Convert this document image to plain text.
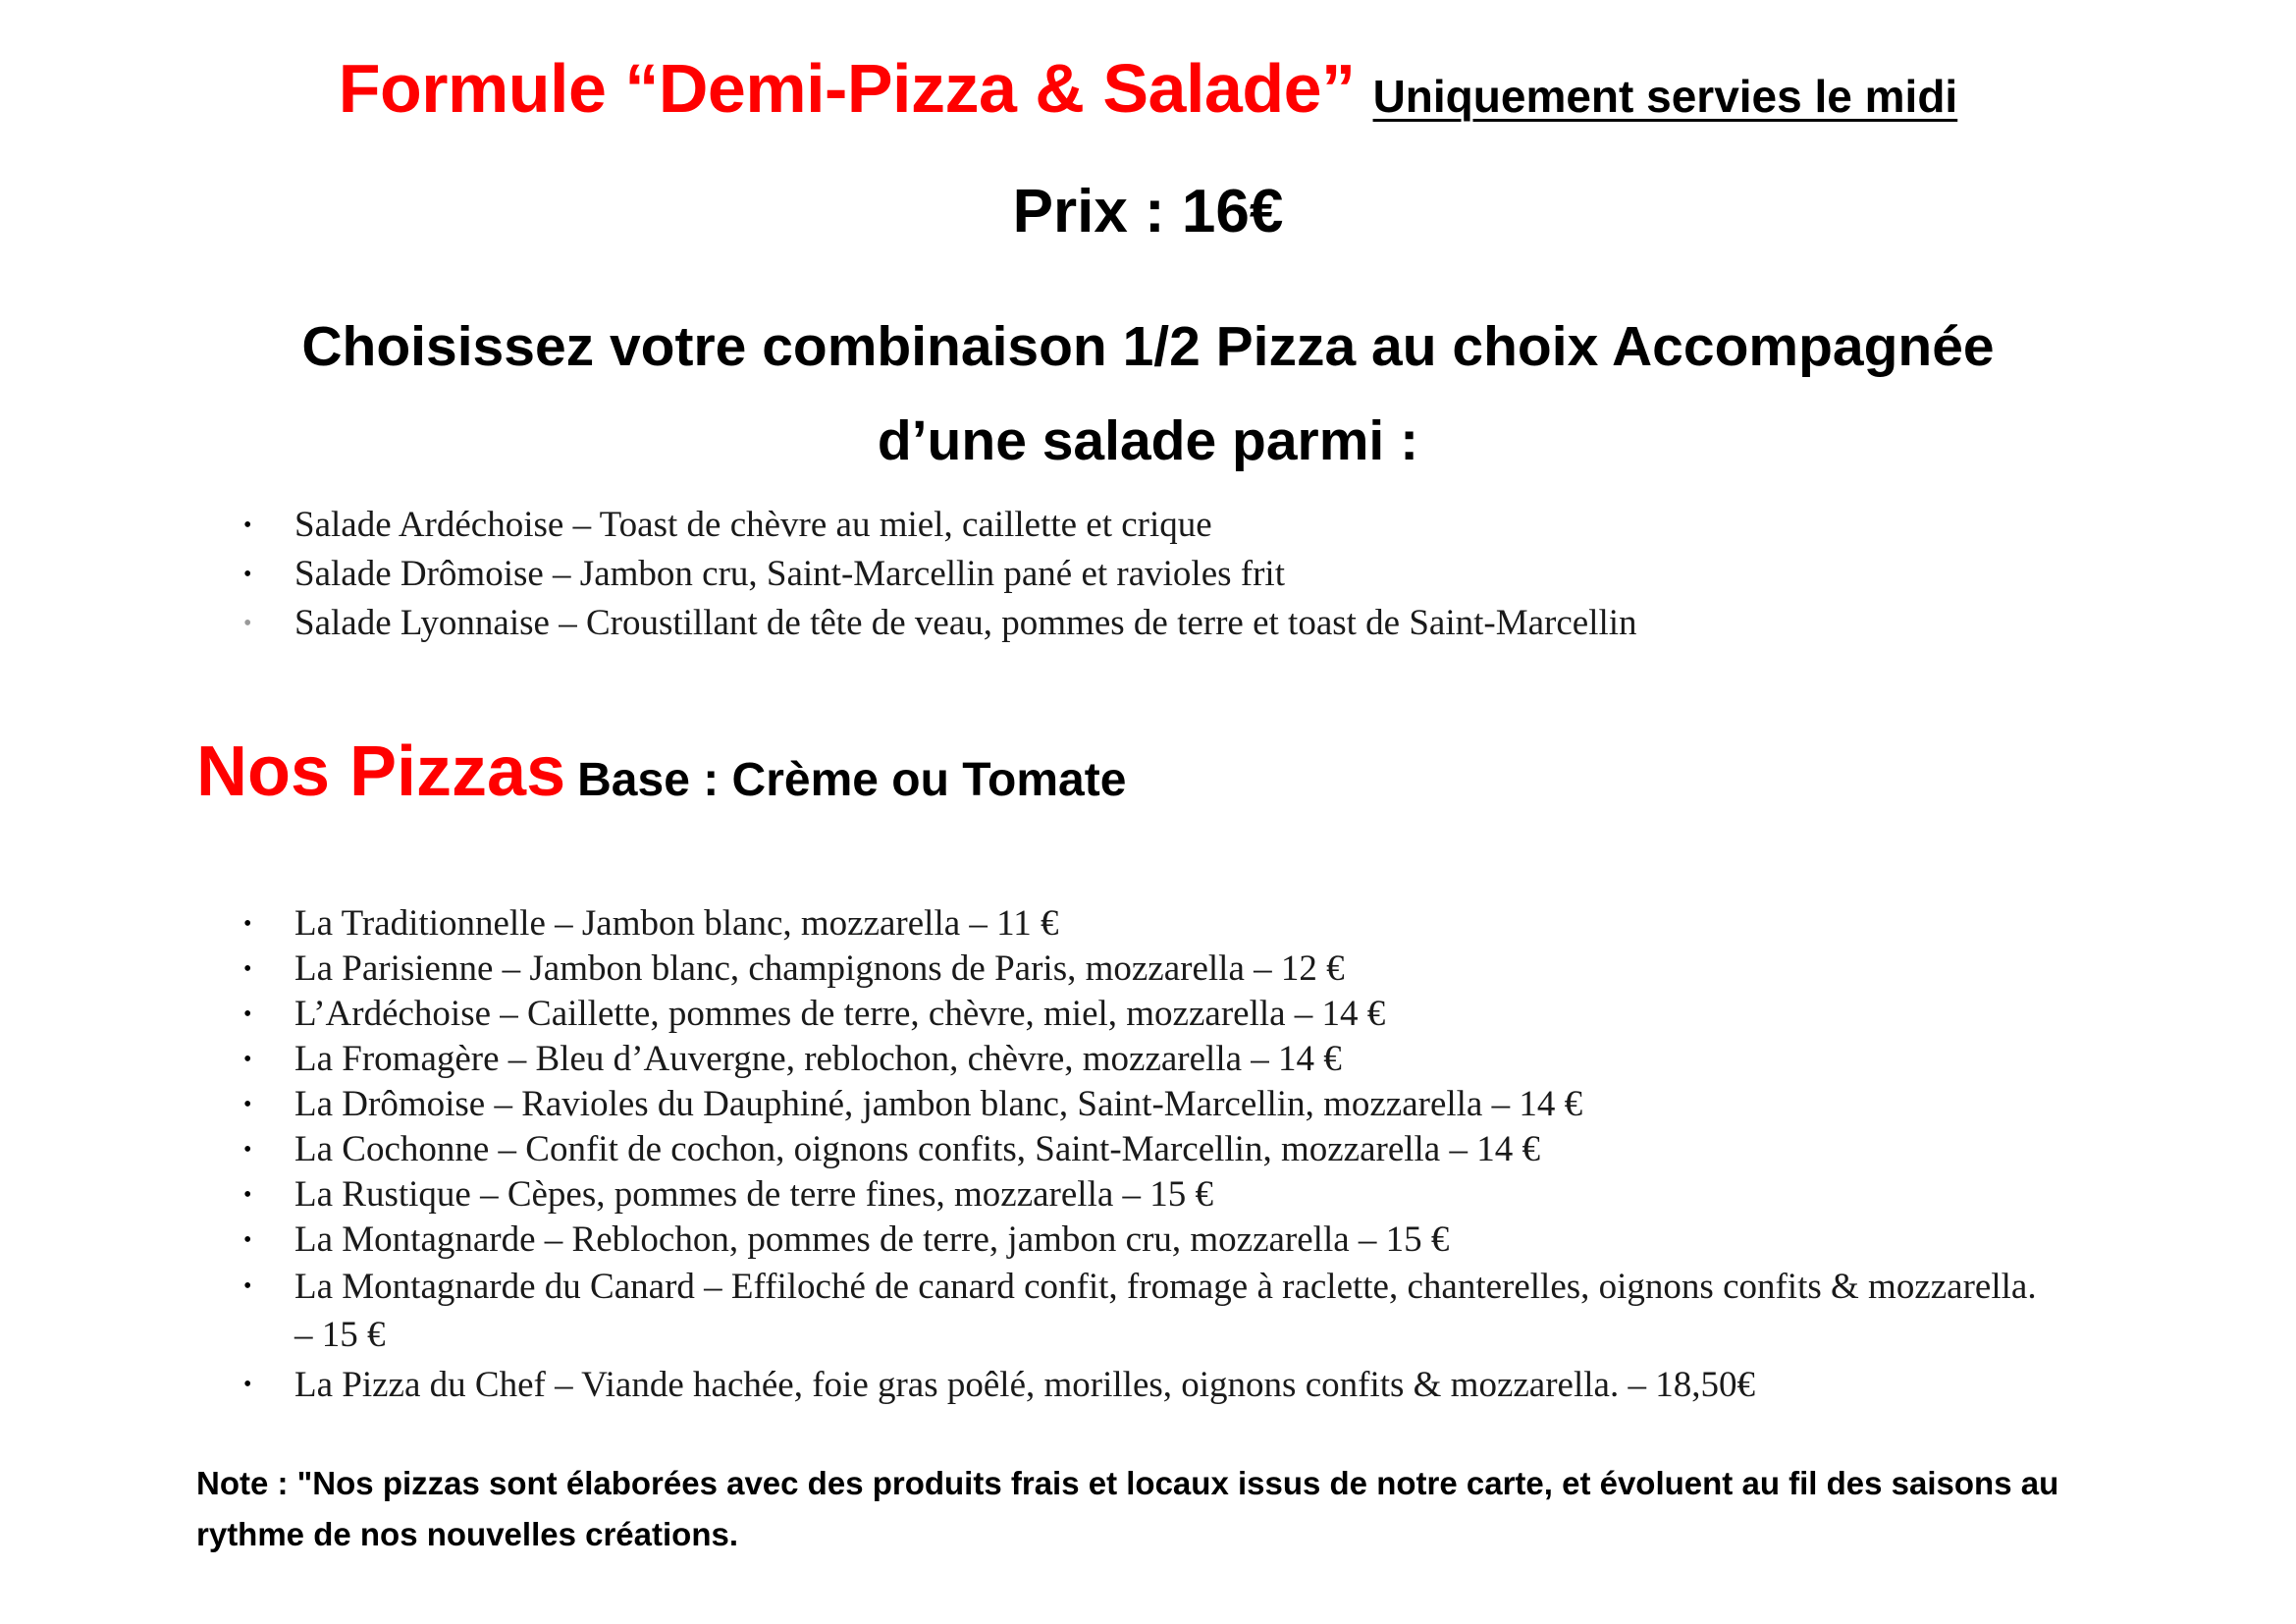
Formule “Demi-Pizza & Salade” Uniquement servies le midi
Prix : 16€
Choisissez votre combinaison 1/2 Pizza au choix Accompagnée
d’une salade parmi :
• Salade Ardéchoise – Toast de chèvre au miel, caillette et crique
• Salade Drômoise – Jambon cru, Saint-Marcellin pané et ravioles frit
• Salade Lyonnaise – Croustillant de tête de veau, pommes de terre et toast de Saint-Marcellin
Nos Pizzas Base : Crème ou Tomate
• La Traditionnelle – Jambon blanc, mozzarella – 11 €
• La Parisienne – Jambon blanc, champignons de Paris, mozzarella – 12 €
• L’Ardéchoise – Caillette, pommes de terre, chèvre, miel, mozzarella – 14 €
• La Fromagère – Bleu d’Auvergne, reblochon, chèvre, mozzarella – 14 €
• La Drômoise – Ravioles du Dauphiné, jambon blanc, Saint-Marcellin, mozzarella – 14 €
• La Cochonne – Confit de cochon, oignons confits, Saint-Marcellin, mozzarella – 14 €
• La Rustique – Cèpes, pommes de terre fines, mozzarella – 15 €
• La Montagnarde – Reblochon, pommes de terre, jambon cru, mozzarella – 15 €
• La Montagnarde du Canard – Effiloché de canard confit, fromage à raclette, chanterelles, oignons confits & mozzarella. – 15 €
• La Pizza du Chef – Viande hachée, foie gras poêlé, morilles, oignons confits & mozzarella. – 18,50€
Note : "Nos pizzas sont élaborées avec des produits frais et locaux issus de notre carte, et évoluent au fil des saisons au rythme de nos nouvelles créations.
